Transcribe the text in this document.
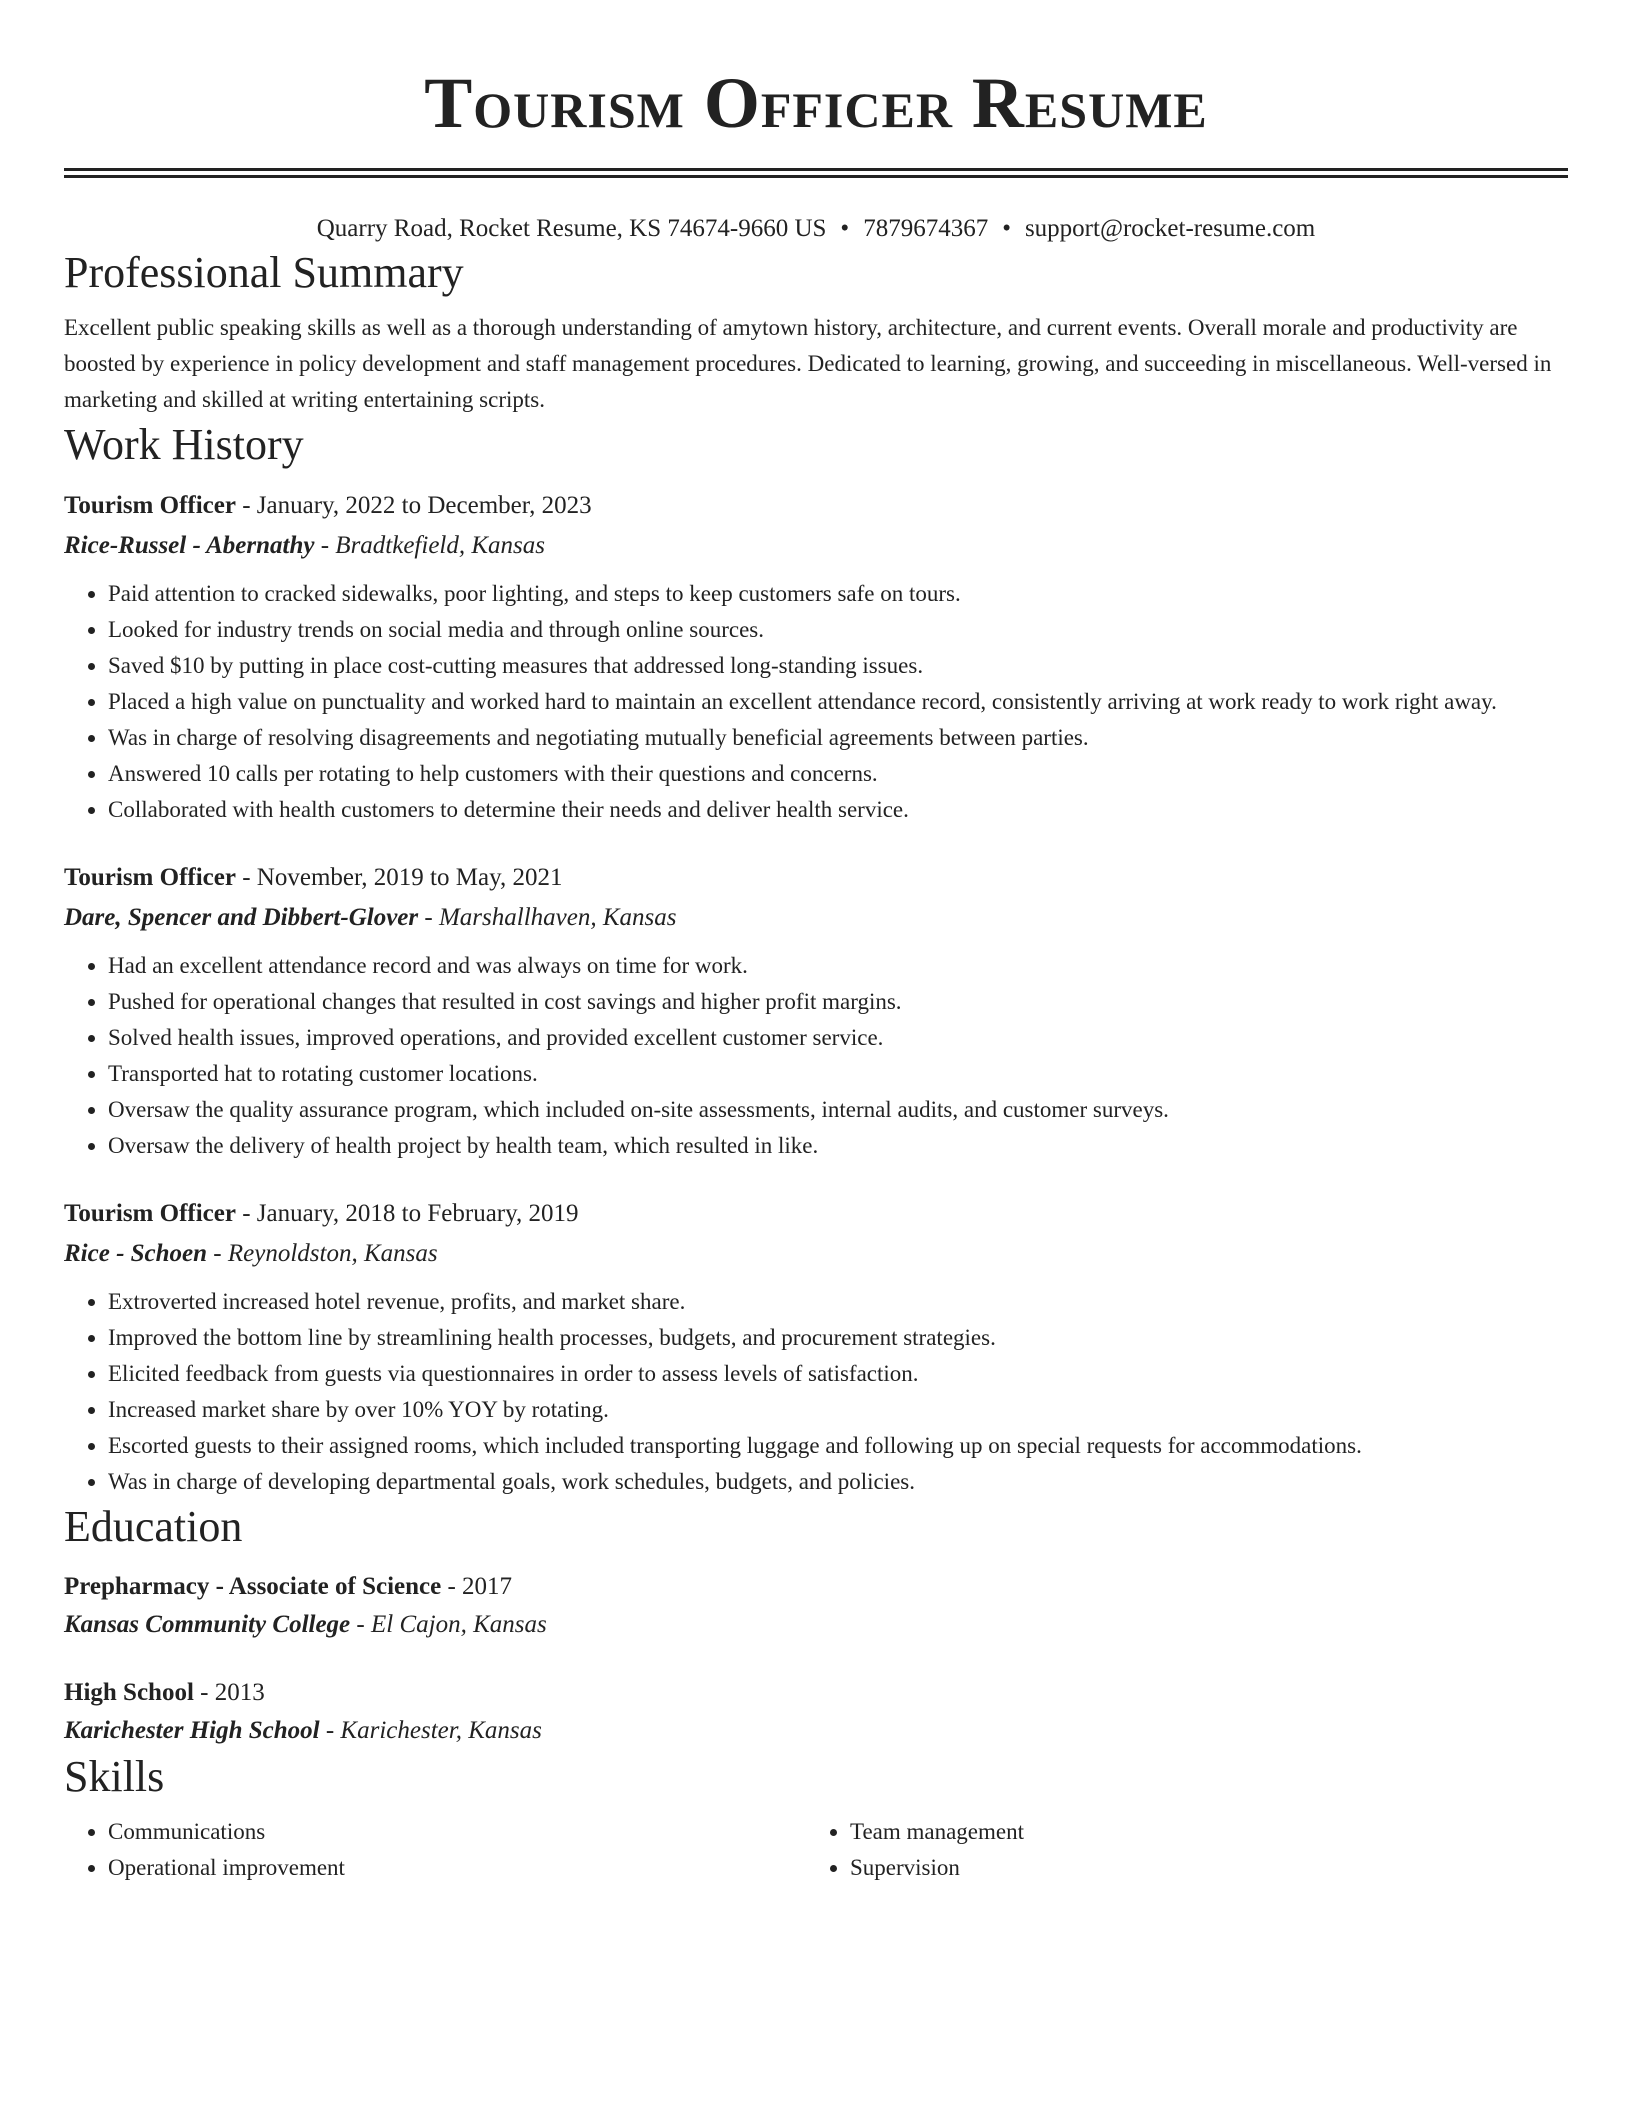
Tourism Officer Resume
Quarry Road, Rocket Resume, KS 74674-9660 US • 7879674367 • support@rocket-resume.com
Professional Summary

Excellent public speaking skills as well as a thorough understanding of amytown history, architecture, and current events. Overall morale and productivity are boosted by experience in policy development and staff management procedures. Dedicated to learning, growing, and succeeding in miscellaneous. Well-versed in marketing and skilled at writing entertaining scripts.

Work History
Tourism Officer - January, 2022 to December, 2023
Rice-Russel - Abernathy - Bradtkefield, Kansas
• Paid attention to cracked sidewalks, poor lighting, and steps to keep customers safe on tours.
• Looked for industry trends on social media and through online sources.
• Saved $10 by putting in place cost-cutting measures that addressed long-standing issues.
• Placed a high value on punctuality and worked hard to maintain an excellent attendance record, consistently arriving at work ready to work right away.
• Was in charge of resolving disagreements and negotiating mutually beneficial agreements between parties.
• Answered 10 calls per rotating to help customers with their questions and concerns.
• Collaborated with health customers to determine their needs and deliver health service.
Tourism Officer - November, 2019 to May, 2021
Dare, Spencer and Dibbert-Glover - Marshallhaven, Kansas
• Had an excellent attendance record and was always on time for work.
• Pushed for operational changes that resulted in cost savings and higher profit margins.
• Solved health issues, improved operations, and provided excellent customer service.
• Transported hat to rotating customer locations.
• Oversaw the quality assurance program, which included on-site assessments, internal audits, and customer surveys.
• Oversaw the delivery of health project by health team, which resulted in like.
Tourism Officer - January, 2018 to February, 2019
Rice - Schoen - Reynoldston, Kansas
• Extroverted increased hotel revenue, profits, and market share.
• Improved the bottom line by streamlining health processes, budgets, and procurement strategies.
• Elicited feedback from guests via questionnaires in order to assess levels of satisfaction.
• Increased market share by over 10% YOY by rotating.
• Escorted guests to their assigned rooms, which included transporting luggage and following up on special requests for accommodations.
• Was in charge of developing departmental goals, work schedules, budgets, and policies.
Education
Prepharmacy - Associate of Science - 2017
Kansas Community College - El Cajon, Kansas
High School - 2013
Karichester High School - Karichester, Kansas
Skills
• Communications
• Operational improvement
• Team management
• Supervision
